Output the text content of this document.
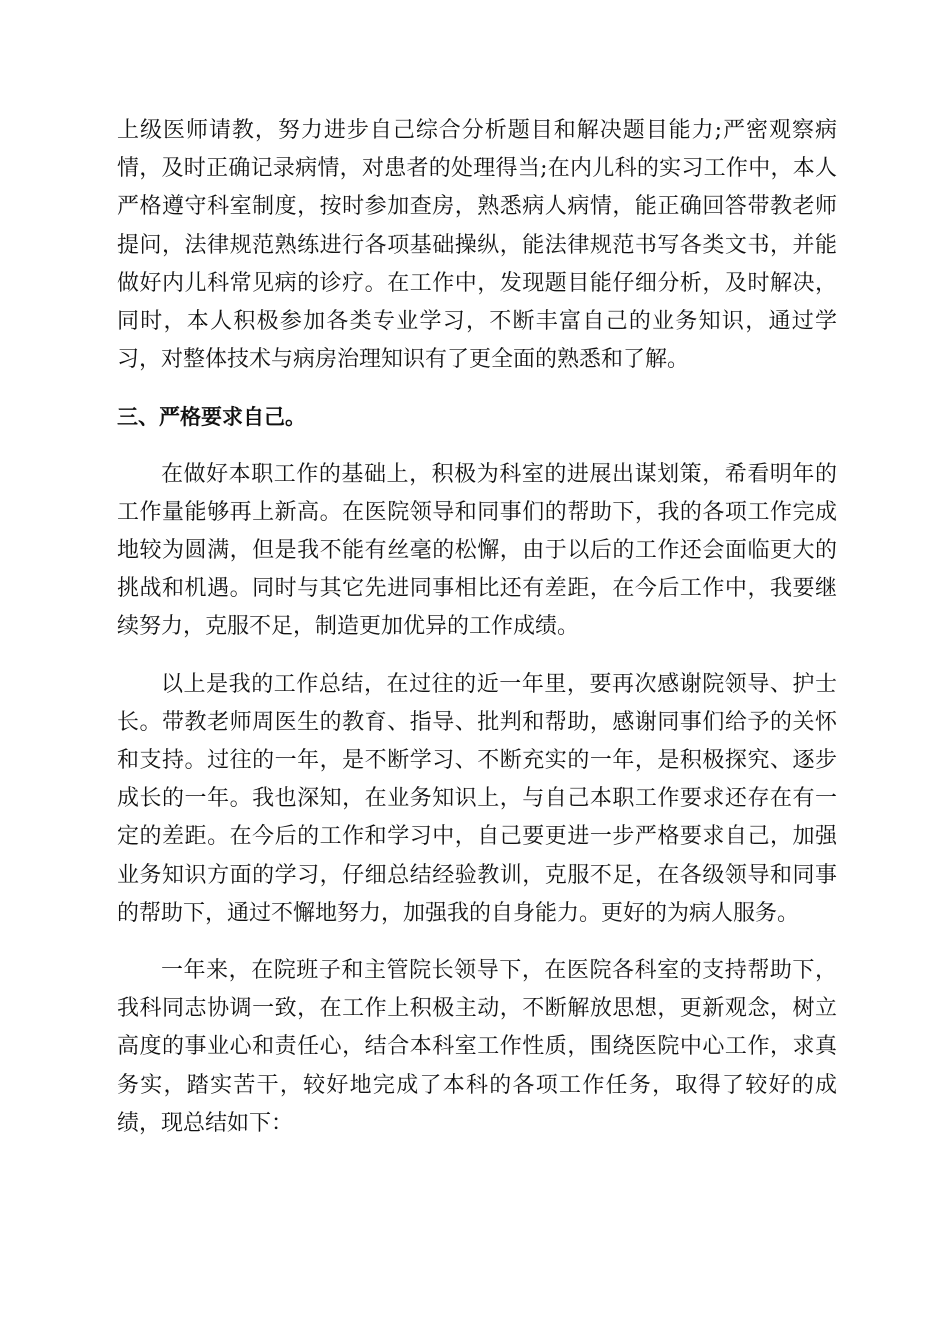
上级医师请教，努力进步自己综合分析题目和解决题目能力;严密观察病情，及时正确记录病情，对患者的处理得当;在内儿科的实习工作中，本人严格遵守科室制度，按时参加查房，熟悉病人病情，能正确回答带教老师提问，法律规范熟练进行各项基础操纵，能法律规范书写各类文书，并能做好内儿科常见病的诊疗。在工作中，发现题目能仔细分析，及时解决，同时，本人积极参加各类专业学习，不断丰富自己的业务知识，通过学习，对整体技术与病房治理知识有了更全面的熟悉和了解。

三、严格要求自己。

在做好本职工作的基础上，积极为科室的进展出谋划策，希看明年的工作量能够再上新高。在医院领导和同事们的帮助下，我的各项工作完成地较为圆满，但是我不能有丝毫的松懈，由于以后的工作还会面临更大的挑战和机遇。同时与其它先进同事相比还有差距，在今后工作中，我要继续努力，克服不足，制造更加优异的工作成绩。

以上是我的工作总结，在过往的近一年里，要再次感谢院领导、护士长。带教老师周医生的教育、指导、批判和帮助，感谢同事们给予的关怀和支持。过往的一年，是不断学习、不断充实的一年，是积极探究、逐步成长的一年。我也深知，在业务知识上，与自己本职工作要求还存在有一定的差距。在今后的工作和学习中，自己要更进一步严格要求自己，加强业务知识方面的学习，仔细总结经验教训，克服不足，在各级领导和同事的帮助下，通过不懈地努力，加强我的自身能力。更好的为病人服务。

一年来，在院班子和主管院长领导下，在医院各科室的支持帮助下，我科同志协调一致，在工作上积极主动，不断解放思想，更新观念，树立高度的事业心和责任心，结合本科室工作性质，围绕医院中心工作，求真务实，踏实苦干，较好地完成了本科的各项工作任务，取得了较好的成绩，现总结如下：
